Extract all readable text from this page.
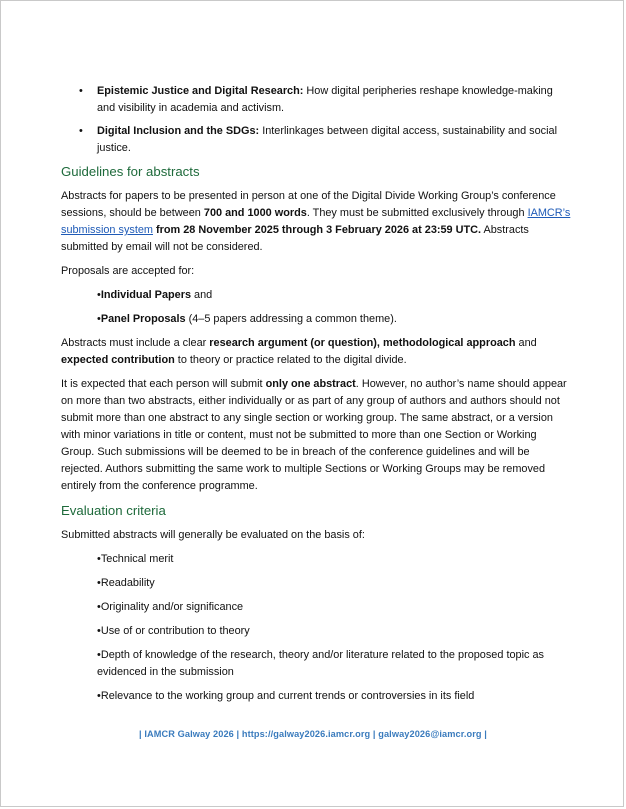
• Epistemic Justice and Digital Research: How digital peripheries reshape knowledge-making and visibility in academia and activism.
• Digital Inclusion and the SDGs: Interlinkages between digital access, sustainability and social justice.
Guidelines for abstracts

Abstracts for papers to be presented in person at one of the Digital Divide Working Group’s conference sessions, should be between 700 and 1000 words. They must be submitted exclusively through IAMCR’s submission system from 28 November 2025 through 3 February 2026 at 23:59 UTC. Abstracts submitted by email will not be considered.

Proposals are accepted for:

•Individual Papers and

•Panel Proposals (4–5 papers addressing a common theme).

Abstracts must include a clear research argument (or question), methodological approach and expected contribution to theory or practice related to the digital divide.

It is expected that each person will submit only one abstract. However, no author’s name should appear on more than two abstracts, either individually or as part of any group of authors and authors should not submit more than one abstract to any single section or working group. The same abstract, or a version with minor variations in title or content, must not be submitted to more than one Section or Working Group. Such submissions will be deemed to be in breach of the conference guidelines and will be rejected. Authors submitting the same work to multiple Sections or Working Groups may be removed entirely from the conference programme.

Evaluation criteria

Submitted abstracts will generally be evaluated on the basis of:

•Technical merit

•Readability

•Originality and/or significance

•Use of or contribution to theory

•Depth of knowledge of the research, theory and/or literature related to the proposed topic as evidenced in the submission

•Relevance to the working group and current trends or controversies in its field

| IAMCR Galway 2026 | https://galway2026.iamcr.org | galway2026@iamcr.org |
